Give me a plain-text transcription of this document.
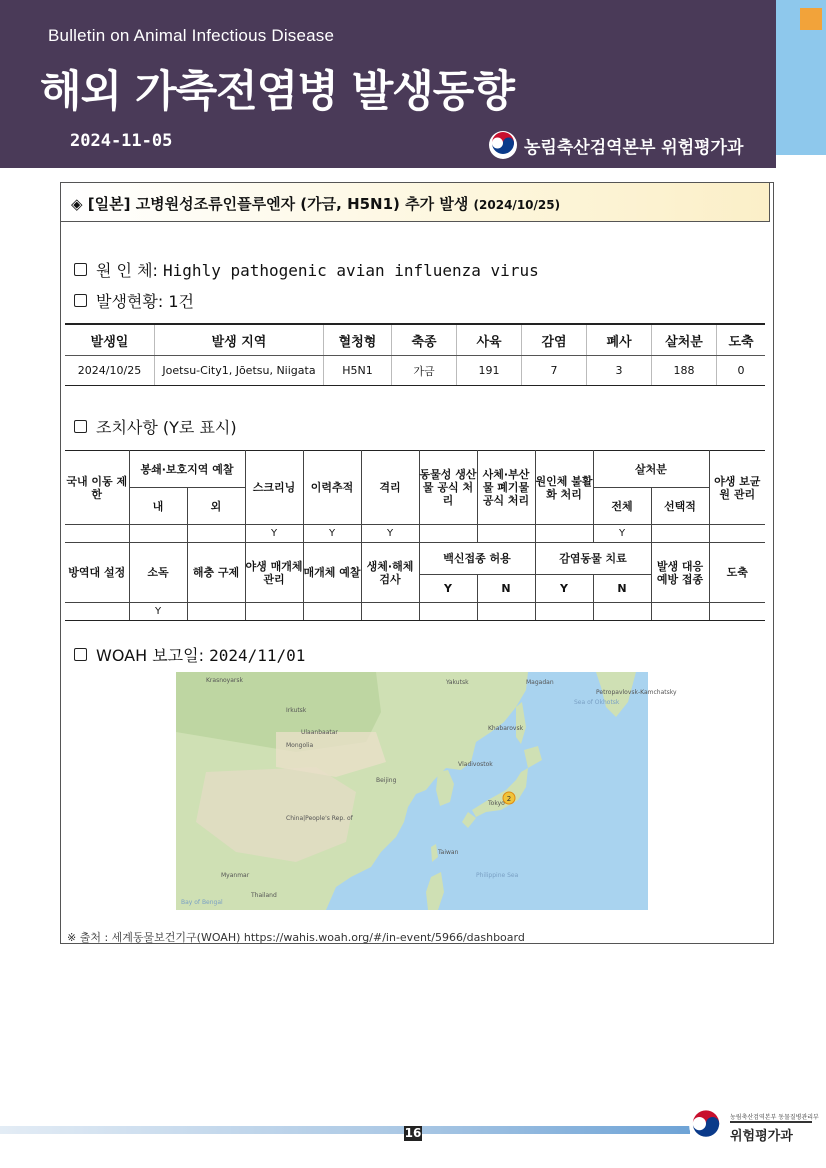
Bulletin on Animal Infectious Disease
해외 가축전염병 발생동향
2024-11-05	농림축산검역본부 위험평가과
◈ [일본] 고병원성조류인플루엔자 (가금, H5N1) 추가 발생 (2024/10/25)
원 인 체: Highly pathogenic avian influenza virus
발생현황: 1건
발생일	발생 지역	혈청형	축종	사육	감염	폐사	살처분	도축
2024/10/25	Joetsu-City1, Jōetsu, Niigata	H5N1	가금	191	7	3	188	0
조치사항 (Y로 표시)
국내 이동 제한	봉쇄·보호지역 예찰		스크리닝	이력추적	격리	동물성 생산물 공식 처리	사체·부산물 폐기물 공식 처리	원인체 불활화 처리	살처분		야생 보균원 관리
	내	외							전체	선택적	
			Y	Y	Y				Y		
방역대 설정	소독	해충 구제	야생 매개체 관리	매개체 예찰	생체·해체 검사	백신접종 허용		감염동물 치료		발생 대응 예방 접종	도축
						Y	N	Y	N		
	Y										
WOAH 보고일: 2024/11/01
2
Krasnoyarsk
Mongolia
China|People's Rep. of
Sea of Okhotsk
Philippine Sea
Ulaanbaatar
Beijing
Tokyo
Khabarovsk
Vladivostok
Taiwan
Thailand
Myanmar
Bay of Bengal
Petropavlovsk-Kamchatsky
Magadan
Yakutsk
Irkutsk
※ 출처 : 세계동물보건기구(WOAH) https://wahis.woah.org/#/in-event/5966/dashboard
16
농림축산검역본부 동물질병관리부
위험평가과
